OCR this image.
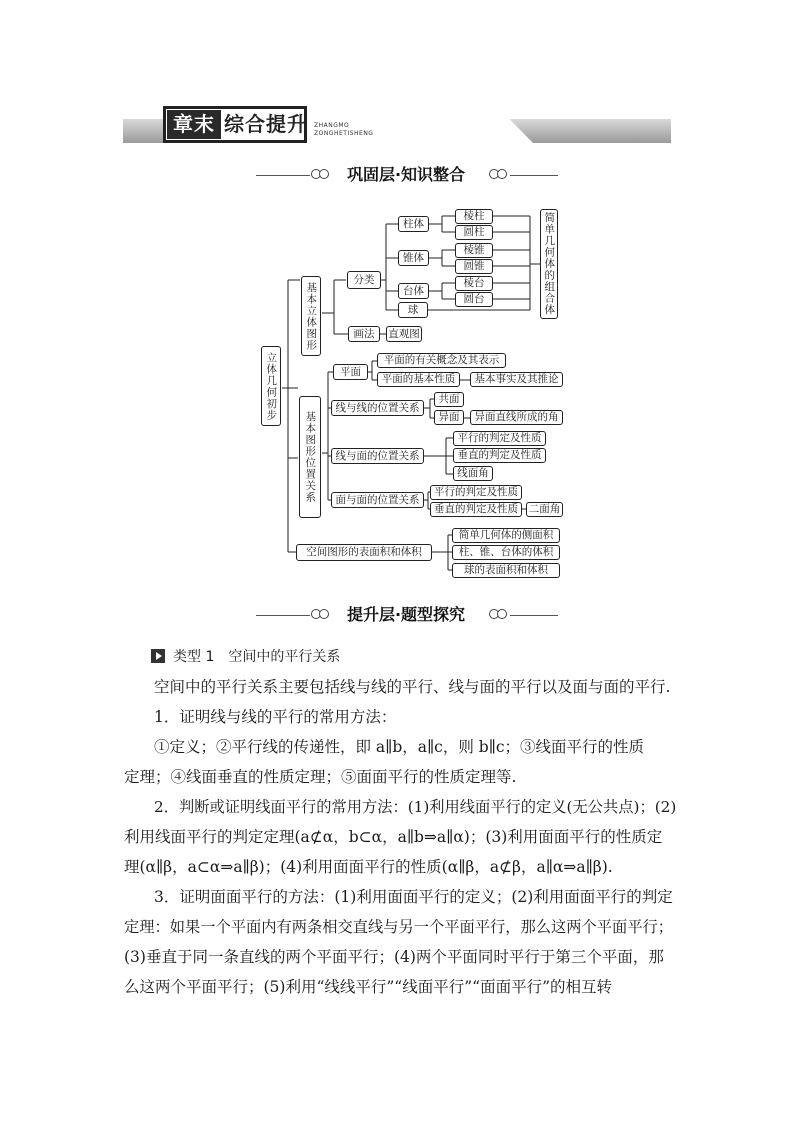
章末 综合提升 ZHANGMO
ZONGHETISHENG
巩固层·知识整合
立体几何初步
基本立体图形
分类
柱体
锥体
台体
球
棱柱
圆柱
棱锥
圆锥
棱台
圆台	简单几何体的组合体
画法	直观图
基本图形位置关系
平面
平面的有关概念及其表示
平面的基本性质	基本事实及其推论
线与线的位置关系
共面
异面	异面直线所成的角
线与面的位置关系
平行的判定及性质
垂直的判定及性质
线面角
面与面的位置关系
平行的判定及性质
垂直的判定及性质	二面角
空间图形的表面积和体积
简单几何体的侧面积
柱、锥、台体的体积
球的表面积和体积
提升层·题型探究
类型 1 空间中的平行关系

空间中的平行关系主要包括线与线的平行、线与面的平行以及面与面的平行.

1．证明线与线的平行的常用方法：

①定义；②平行线的传递性，即 a∥b，a∥c，则 b∥c；③线面平行的性质

定理；④线面垂直的性质定理；⑤面面平行的性质定理等.

2．判断或证明线面平行的常用方法：(1)利用线面平行的定义(无公共点)；(2)

利用线面平行的判定定理(a⊄α，b⊂α，a∥b⇒a∥α)；(3)利用面面平行的性质定

理(α∥β，a⊂α⇒a∥β)；(4)利用面面平行的性质(α∥β，a⊄β，a∥α⇒a∥β).

3．证明面面平行的方法：(1)利用面面平行的定义；(2)利用面面平行的判定

定理：如果一个平面内有两条相交直线与另一个平面平行，那么这两个平面平行；

(3)垂直于同一条直线的两个平面平行；(4)两个平面同时平行于第三个平面，那

么这两个平面平行；(5)利用“线线平行”“线面平行”“面面平行”的相互转
